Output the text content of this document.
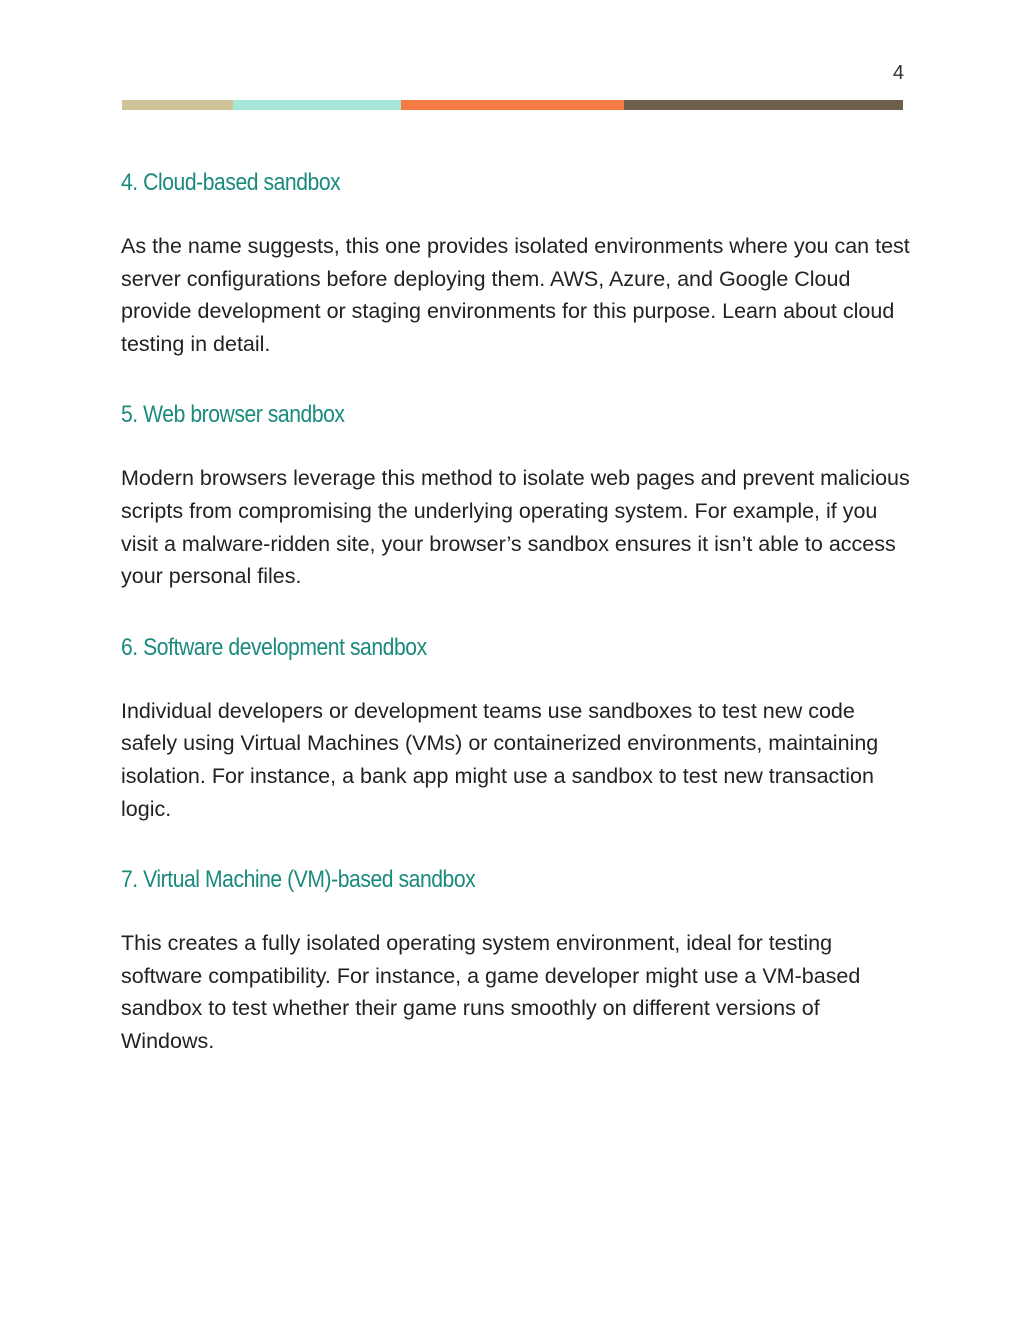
4
4. Cloud-based sandbox

As the name suggests, this one provides isolated environments where you can test server configurations before deploying them. AWS, Azure, and Google Cloud provide development or staging environments for this purpose. Learn about cloud testing in detail.

5. Web browser sandbox

Modern browsers leverage this method to isolate web pages and prevent malicious scripts from compromising the underlying operating system. For example, if you visit a malware-ridden site, your browser’s sandbox ensures it isn’t able to access your personal files.

6. Software development sandbox

Individual developers or development teams use sandboxes to test new code safely using Virtual Machines (VMs) or containerized environments, maintaining isolation. For instance, a bank app might use a sandbox to test new transaction logic.

7. Virtual Machine (VM)-based sandbox

This creates a fully isolated operating system environment, ideal for testing software compatibility. For instance, a game developer might use a VM-based sandbox to test whether their game runs smoothly on different versions of Windows.
